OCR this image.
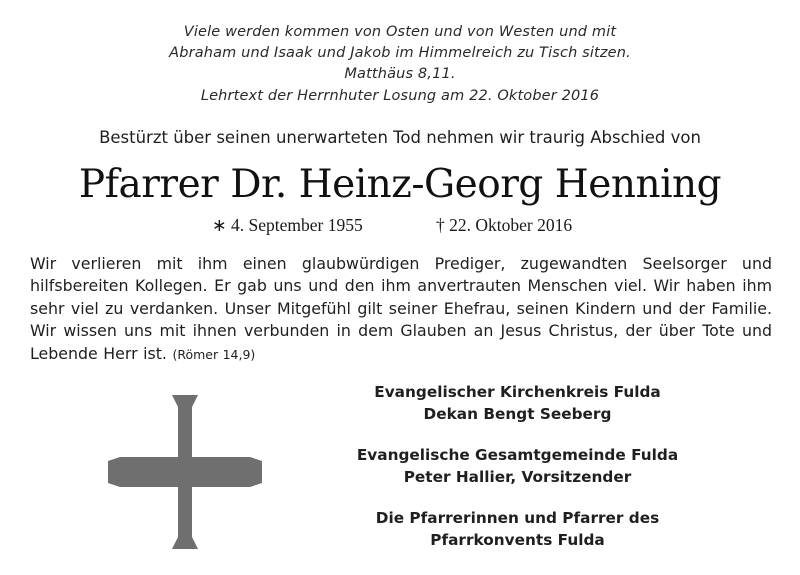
Viele werden kommen von Osten und von Westen und mit
Abraham und Isaak und Jakob im Himmelreich zu Tisch sitzen.
Matthäus 8,11.
Lehrtext der Herrnhuter Losung am 22. Oktober 2016
Bestürzt über seinen unerwarteten Tod nehmen wir traurig Abschied von
Pfarrer Dr. Heinz-Georg Henning
∗ 4. September 1955	† 22. Oktober 2016
Wir verlieren mit ihm einen glaubwürdigen Prediger, zugewandten Seelsorger und hilfsbereiten Kollegen. Er gab uns und den ihm anvertrauten Menschen viel. Wir haben ihm sehr viel zu verdanken. Unser Mitgefühl gilt seiner Ehefrau, seinen Kindern und der Familie. Wir wissen uns mit ihnen verbunden in dem Glauben an Jesus Christus, der über Tote und Lebende Herr ist. (Römer 14,9)
Evangelischer Kirchenkreis Fulda
Dekan Bengt Seeberg
Evangelische Gesamtgemeinde Fulda
Peter Hallier, Vorsitzender
Die Pfarrerinnen und Pfarrer des
Pfarrkonvents Fulda
